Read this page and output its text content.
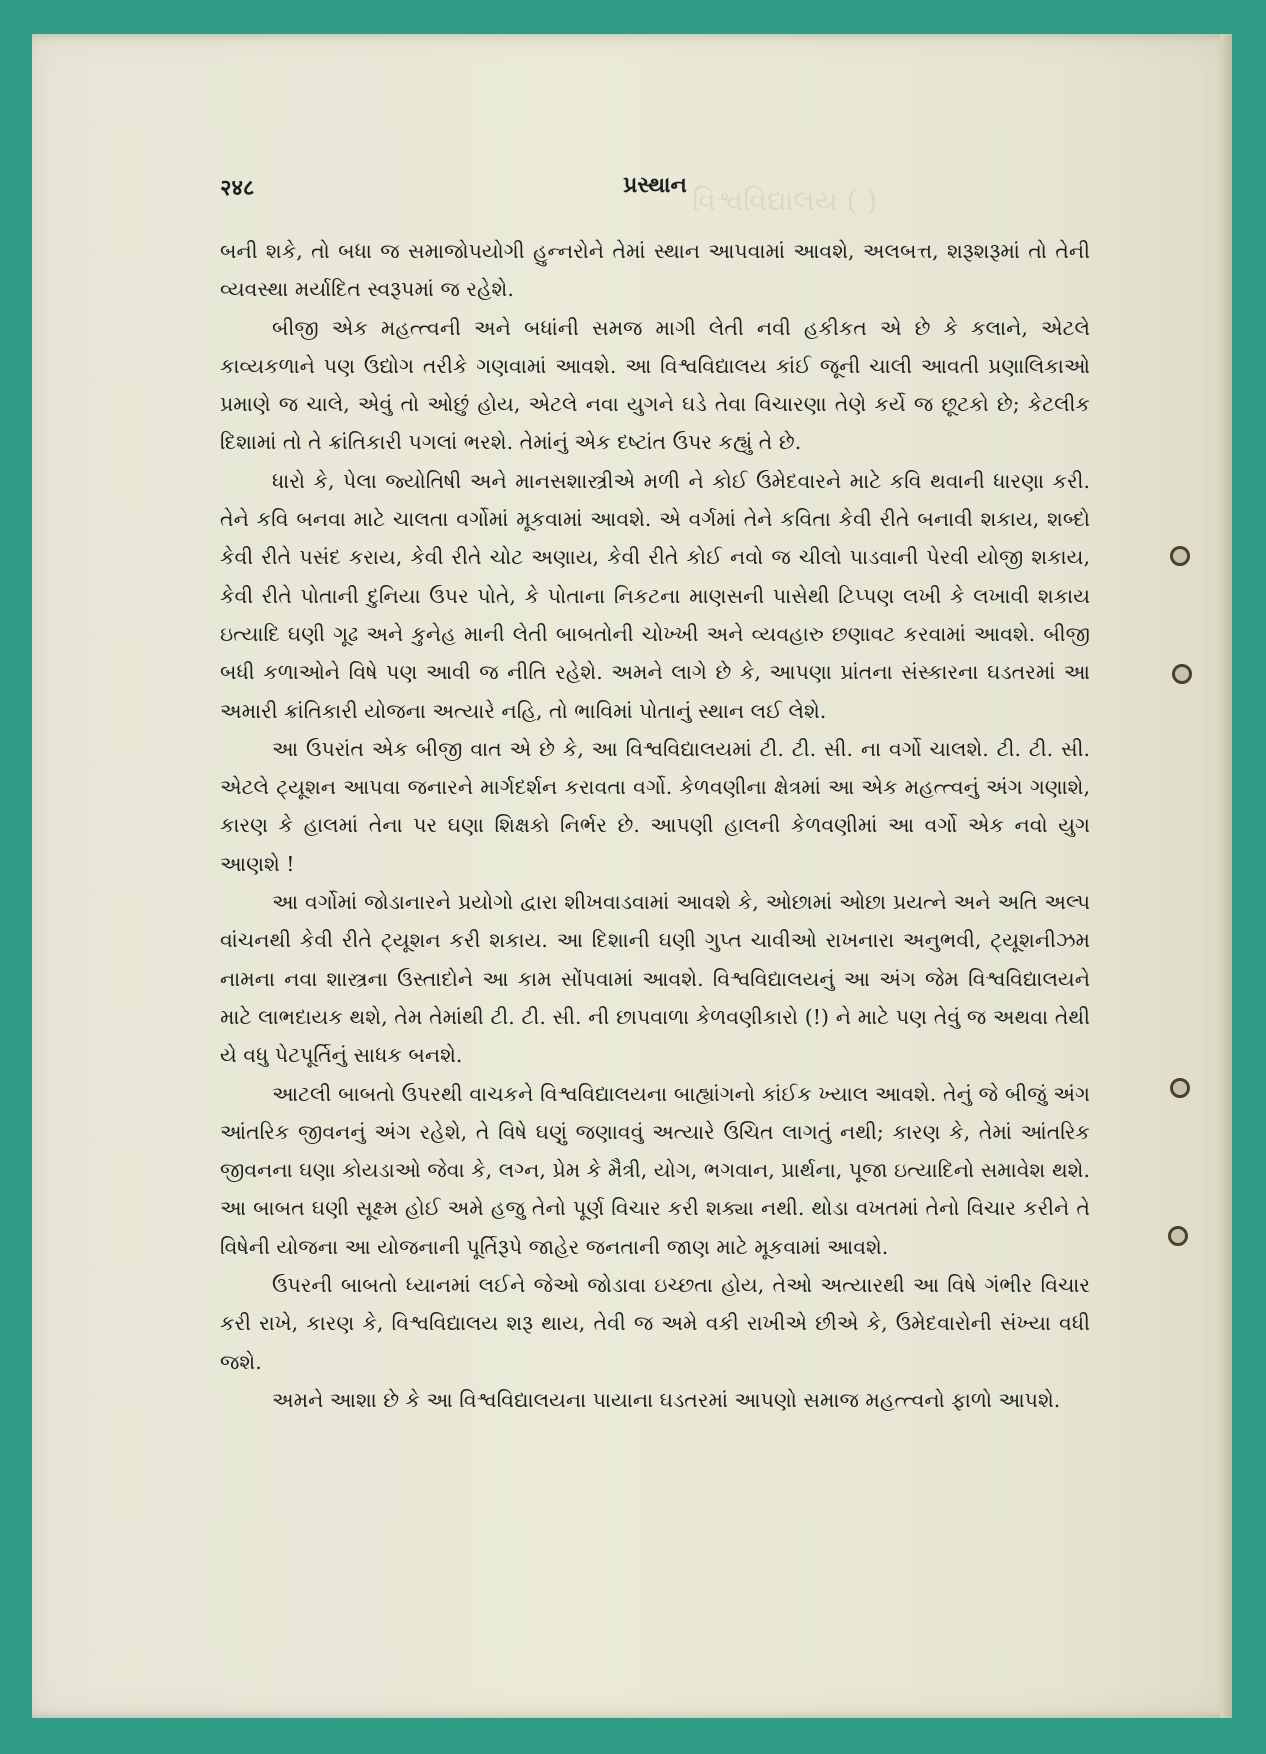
વિશ્વવિદ્યાલય ( )
२४८	પ્રસ્થાન

બની શકે, તો બધા જ સમાજોપયોગી હુન્નરોને તેમાં સ્થાન આપવામાં આવશે, અલબત્ત, શરૂશરૂમાં તો તેની વ્યવસ્થા મર્યાદિત સ્વરૂપમાં જ રહેશે.

બીજી એક મહત્ત્વની અને બધાંની સમજ માગી લેતી નવી હકીકત એ છે કે કલાને, એટલે કાવ્યકળાને પણ ઉદ્યોગ તરીકે ગણવામાં આવશે. આ વિશ્વવિદ્યાલય કાંઈ જૂની ચાલી આવતી પ્રણાલિકાઓ પ્રમાણે જ ચાલે, એવું તો ઓછું હોય, એટલે નવા યુગને ઘડે તેવા વિચારણા તેણે કર્યે જ છૂટકો છે; કેટલીક દિશામાં તો તે ક્રાંતિકારી પગલાં ભરશે. તેમાંનું એક દષ્ટાંત ઉપર કહ્યું તે છે.

ધારો કે, પેલા જ્યોતિષી અને માનસશાસ્ત્રીએ મળી ને કોઈ ઉમેદવારને માટે કવિ થવાની ધારણા કરી. તેને કવિ બનવા માટે ચાલતા વર્ગોમાં મૂકવામાં આવશે. એ વર્ગમાં તેને કવિતા કેવી રીતે બનાવી શકાય, શબ્દો કેવી રીતે પસંદ કરાય, કેવી રીતે ચોટ અણાય, કેવી રીતે કોઈ નવો જ ચીલો પાડવાની પેરવી યોજી શકાય, કેવી રીતે પોતાની દુનિયા ઉપર પોતે, કે પોતાના નિકટના માણસની પાસેથી ટિપ્પણ લખી કે લખાવી શકાય ઇત્યાદિ ઘણી ગૂઢ અને કુનેહ માની લેતી બાબતોની ચોખ્ખી અને વ્યવહારુ છણાવટ કરવામાં આવશે. બીજી બધી કળાઓને વિષે પણ આવી જ નીતિ રહેશે. અમને લાગે છે કે, આપણા પ્રાંતના સંસ્કારના ઘડતરમાં આ અમારી ક્રાંતિકારી યોજના અત્યારે નહિ, તો ભાવિમાં પોતાનું સ્થાન લઈ લેશે.

આ ઉપરાંત એક બીજી વાત એ છે કે, આ વિશ્વવિદ્યાલયમાં ટી. ટી. સી. ના વર્ગો ચાલશે. ટી. ટી. સી. એટલે ટ્યૂશન આપવા જનારને માર્ગદર્શન કરાવતા વર્ગો. કેળવણીના ક્ષેત્રમાં આ એક મહત્ત્વનું અંગ ગણાશે, કારણ કે હાલમાં તેના પર ઘણા શિક્ષકો નિર્ભર છે. આપણી હાલની કેળવણીમાં આ વર્ગો એક નવો યુગ આણશે !

આ વર્ગોમાં જોડાનારને પ્રયોગો દ્વારા શીખવાડવામાં આવશે કે, ઓછામાં ઓછા પ્રયત્ને અને અતિ અલ્પ વાંચનથી કેવી રીતે ટ્યૂશન કરી શકાય. આ દિશાની ઘણી ગુપ્ત ચાવીઓ રાખનારા અનુભવી, ટ્યૂશનીઝમ નામના નવા શાસ્ત્રના ઉસ્તાદોને આ કામ સોંપવામાં આવશે. વિશ્વવિદ્યાલયનું આ અંગ જેમ વિશ્વવિદ્યાલયને માટે લાભદાયક થશે, તેમ તેમાંથી ટી. ટી. સી. ની છાપવાળા કેળવણીકારો (!) ને માટે પણ તેવું જ અથવા તેથી યે વધુ પેટપૂર્તિનું સાધક બનશે.

આટલી બાબતો ઉપરથી વાચકને વિશ્વવિદ્યાલયના બાહ્યાંગનો કાંઈક ખ્યાલ આવશે. તેનું જે બીજું અંગ આંતરિક જીવનનું અંગ રહેશે, તે વિષે ઘણું જણાવવું અત્યારે ઉચિત લાગતું નથી; કારણ કે, તેમાં આંતરિક જીવનના ઘણા કોયડાઓ જેવા કે, લગ્ન, પ્રેમ કે મૈત્રી, યોગ, ભગવાન, પ્રાર્થના, પૂજા ઇત્યાદિનો સમાવેશ થશે. આ બાબત ઘણી સૂક્ષ્મ હોઈ અમે હજુ તેનો પૂર્ણ વિચાર કરી શક્યા નથી. થોડા વખતમાં તેનો વિચાર કરીને તે વિષેની યોજના આ યોજનાની પૂર્તિરૂપે જાહેર જનતાની જાણ માટે મૂકવામાં આવશે.

ઉપરની બાબતો ધ્યાનમાં લઈને જેઓ જોડાવા ઇચ્છતા હોય, તેઓ અત્યારથી આ વિષે ગંભીર વિચાર કરી રાખે, કારણ કે, વિશ્વવિદ્યાલય શરૂ થાય, તેવી જ અમે વકી રાખીએ છીએ કે, ઉમેદવારોની સંખ્યા વધી જશે.

અમને આશા છે કે આ વિશ્વવિદ્યાલયના પાયાના ઘડતરમાં આપણો સમાજ મહત્ત્વનો ફાળો આપશે.
